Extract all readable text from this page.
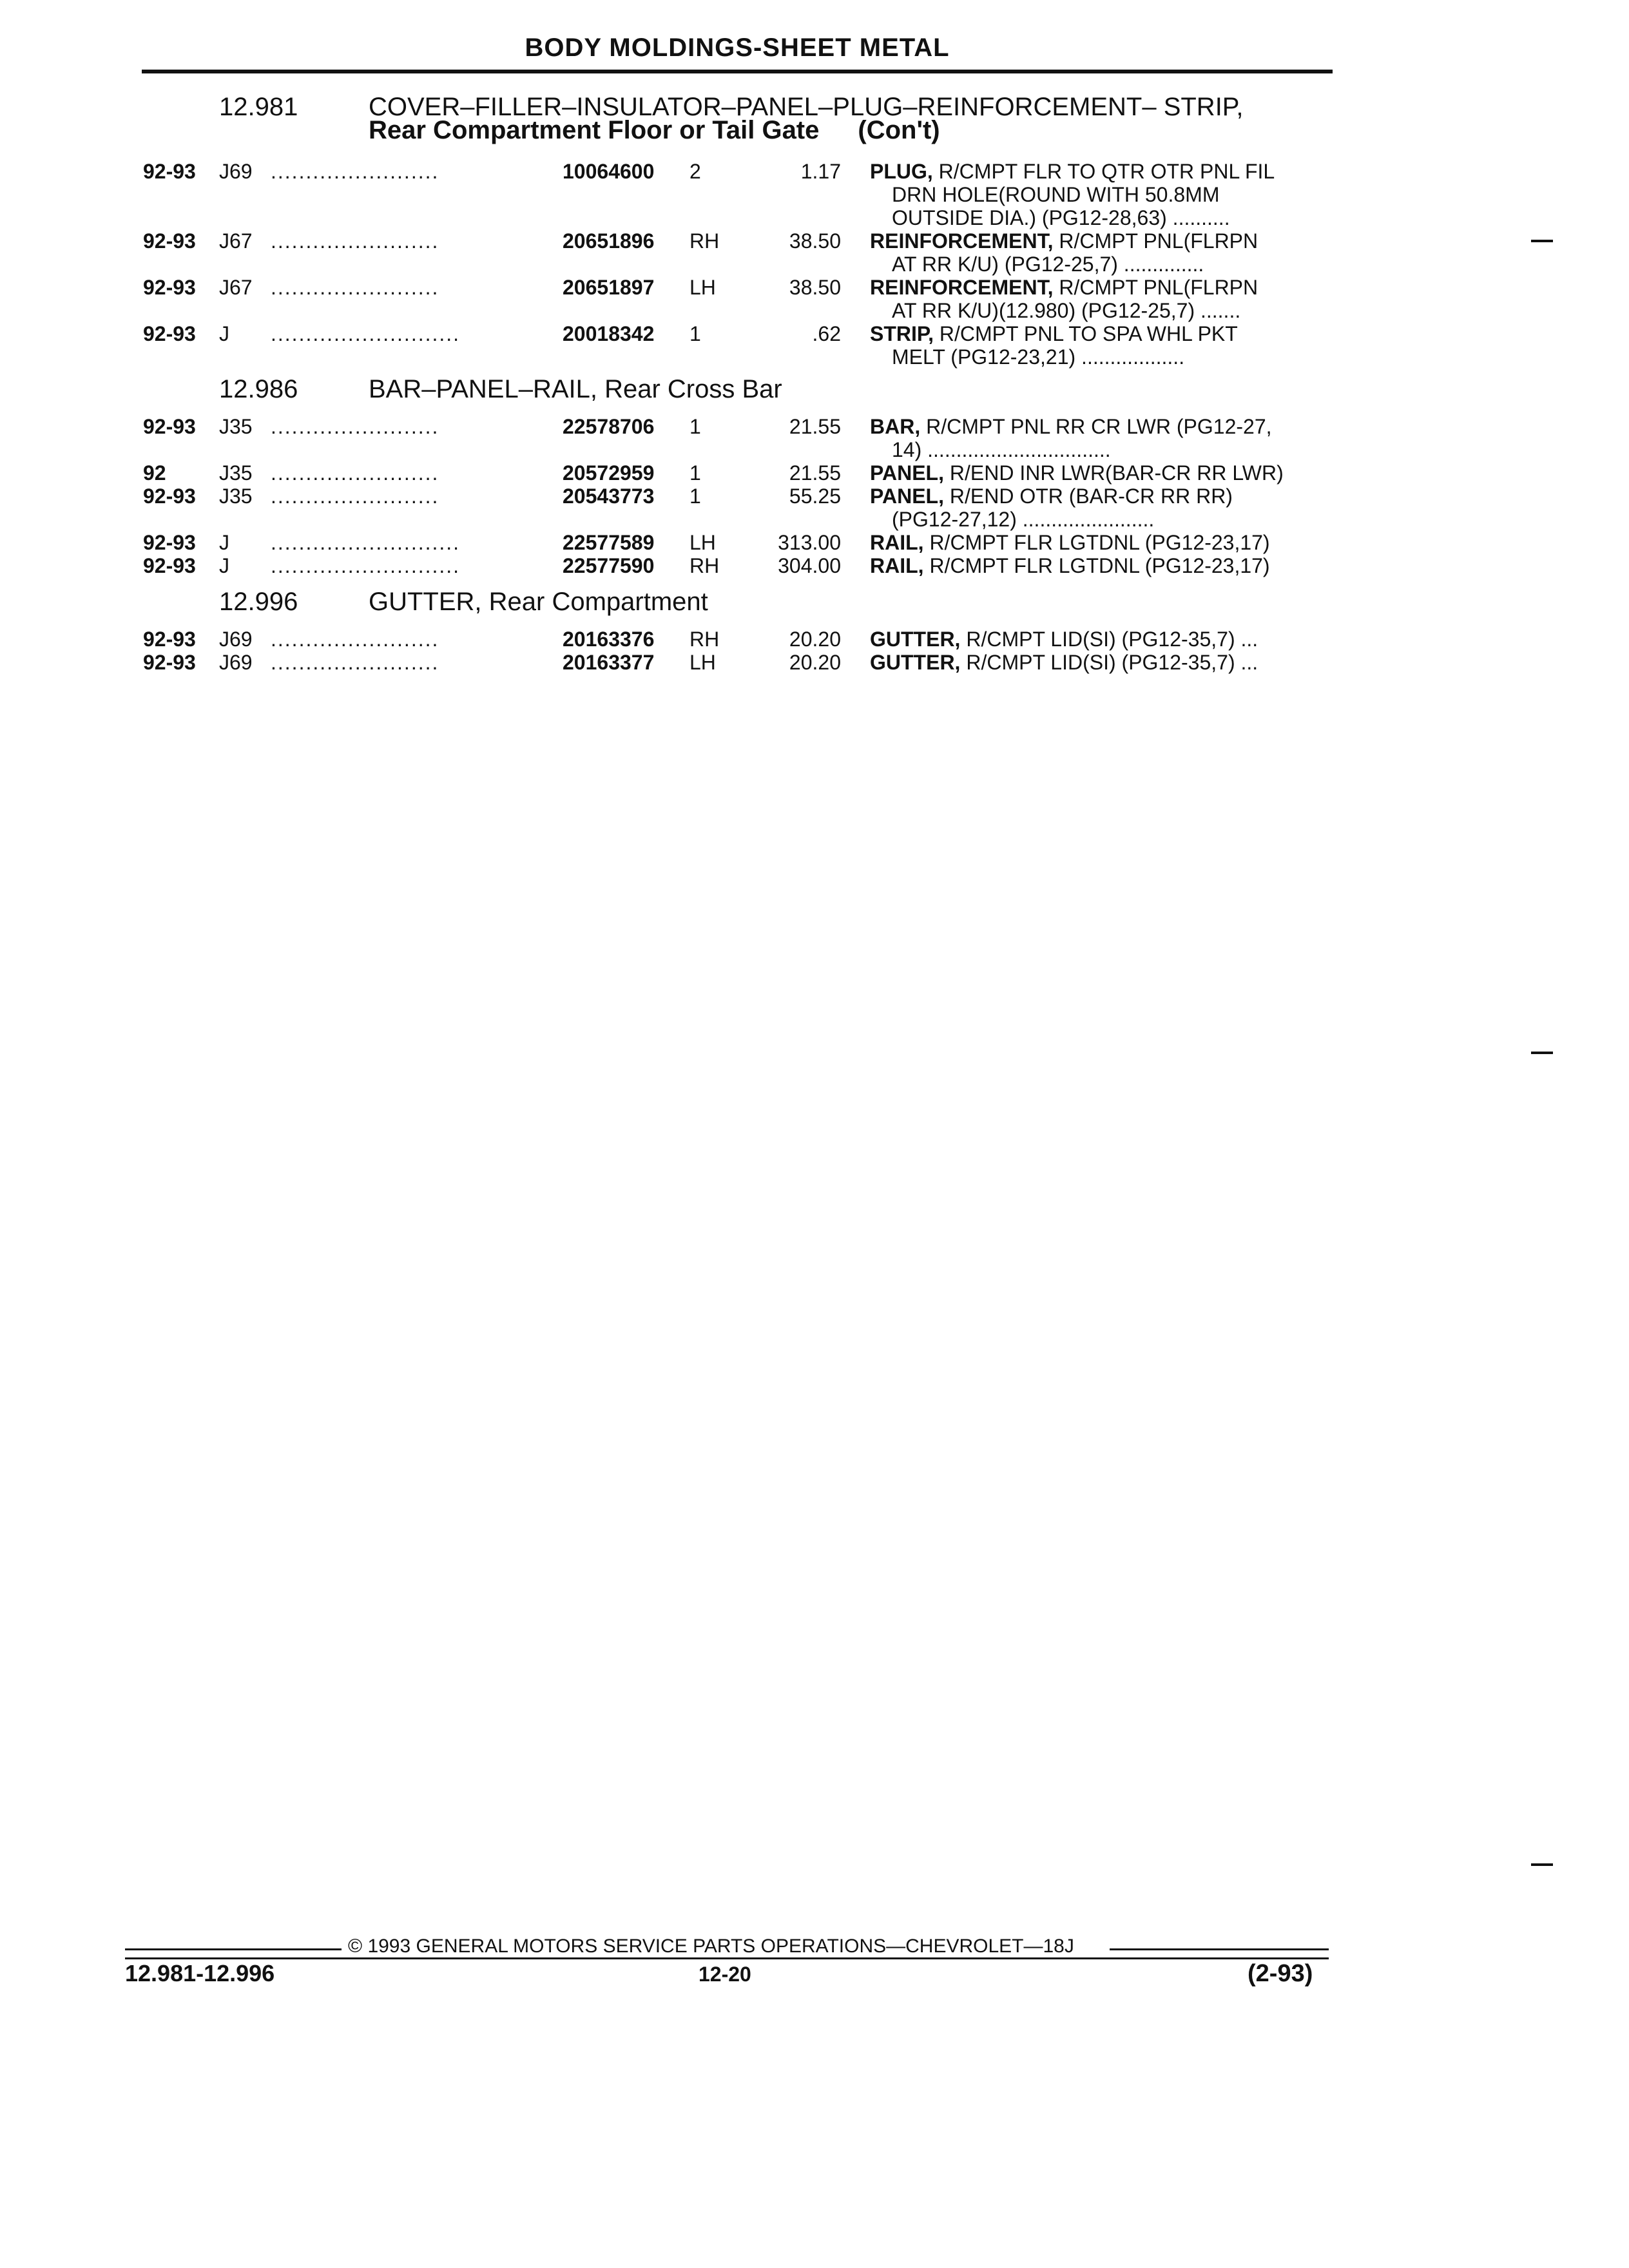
BODY MOLDINGS-SHEET METAL
12.981	COVER–FILLER–INSULATOR–PANEL–PLUG–REINFORCEMENT– STRIP,
Rear Compartment Floor or Tail Gate (Con't)
92-93 J69 ........................	10064600 2	1.17 PLUG, R/CMPT FLR TO QTR OTR PNL FIL
DRN HOLE(ROUND WITH 50.8MM
OUTSIDE DIA.) (PG12-28,63) ..........
92-93 J67 ........................	20651896 RH	38.50 REINFORCEMENT, R/CMPT PNL(FLRPN
AT RR K/U) (PG12-25,7) ..............
92-93 J67 ........................	20651897 LH	38.50 REINFORCEMENT, R/CMPT PNL(FLRPN
AT RR K/U)(12.980) (PG12-25,7) .......
92-93 J ...........................	20018342 1	.62 STRIP, R/CMPT PNL TO SPA WHL PKT
MELT (PG12-23,21) ..................
12.986	BAR–PANEL–RAIL, Rear Cross Bar
92-93 J35 ........................	22578706 1	21.55 BAR, R/CMPT PNL RR CR LWR (PG12-27,
14) ................................
92	J35 ........................	20572959 1	21.55 PANEL, R/END INR LWR(BAR-CR RR LWR)
92-93 J35 ........................	20543773 1	55.25 PANEL, R/END OTR (BAR-CR RR RR)
(PG12-27,12) .......................
92-93 J ...........................	22577589 LH	313.00 RAIL, R/CMPT FLR LGTDNL (PG12-23,17)
92-93 J ...........................	22577590 RH	304.00 RAIL, R/CMPT FLR LGTDNL (PG12-23,17)
12.996	GUTTER, Rear Compartment
92-93 J69 ........................	20163376 RH	20.20 GUTTER, R/CMPT LID(SI) (PG12-35,7) ...
92-93 J69 ........................	20163377 LH	20.20 GUTTER, R/CMPT LID(SI) (PG12-35,7) ...
© 1993 GENERAL MOTORS SERVICE PARTS OPERATIONS—CHEVROLET—18J
12.981-12.996	12-20	(2-93)
